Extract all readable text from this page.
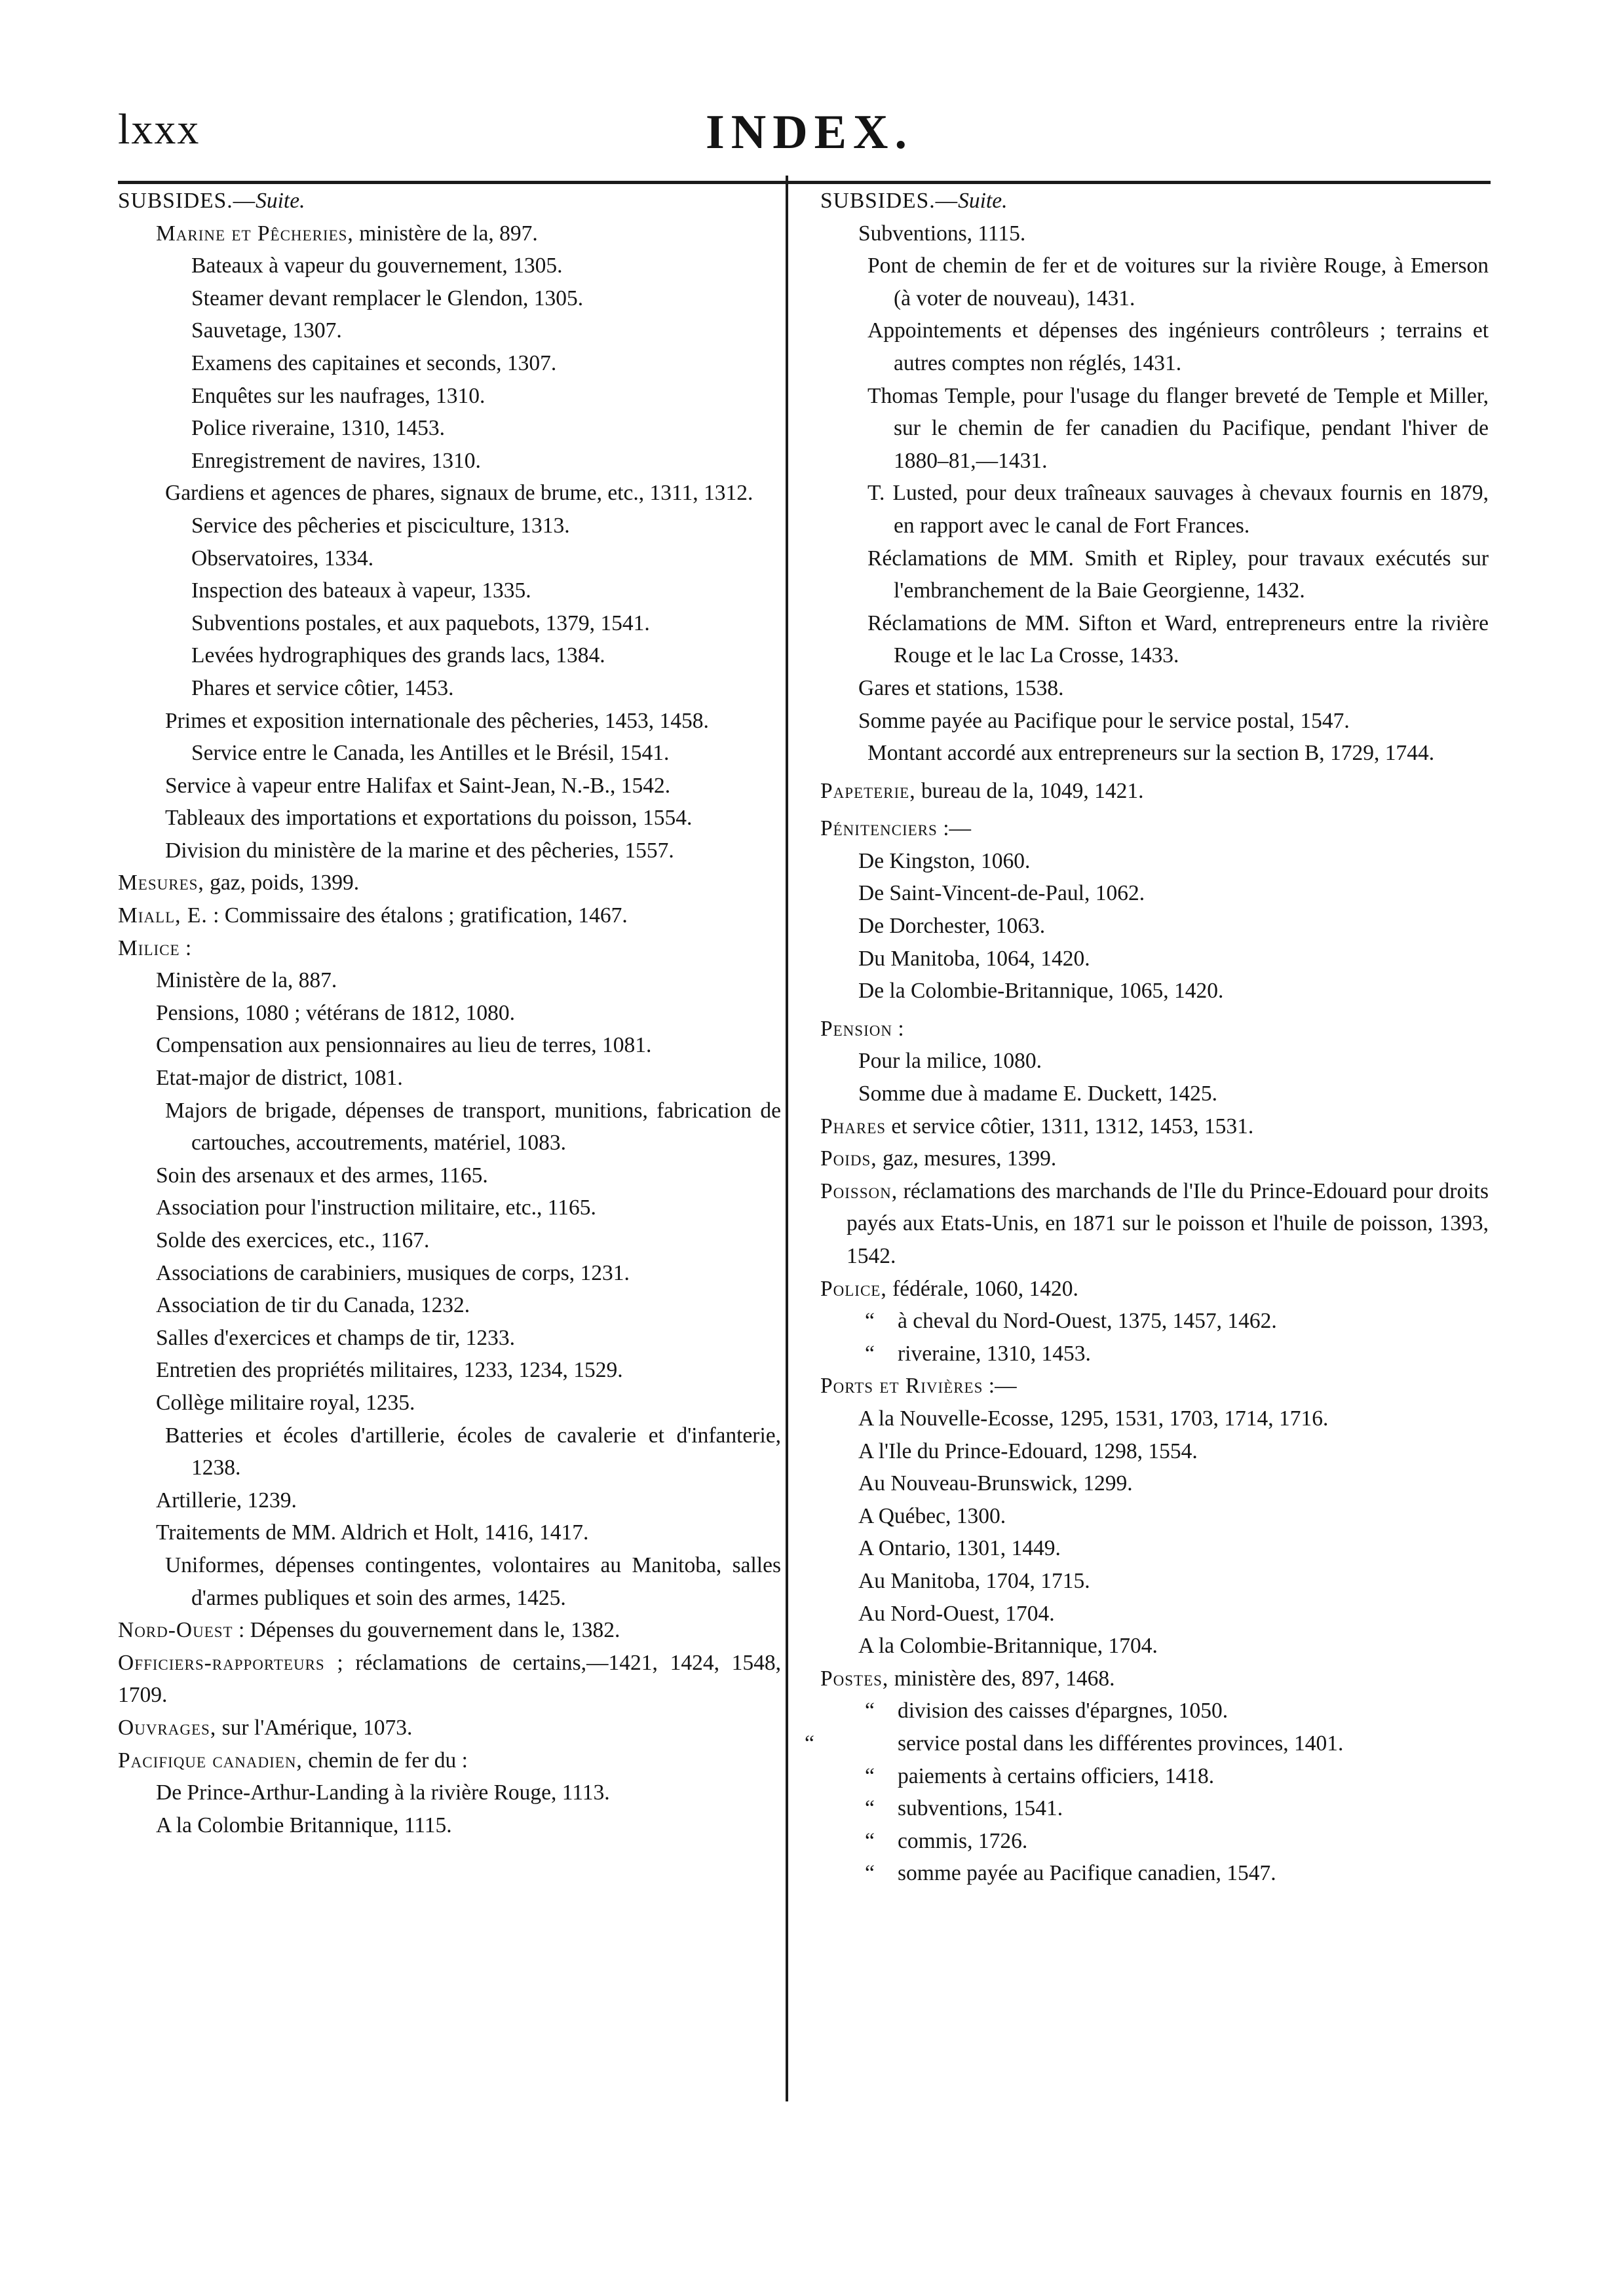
lxxx	INDEX.

SUBSIDES.—Suite.

Marine et Pêcheries, ministère de la, 897.

Bateaux à vapeur du gouvernement, 1305.

Steamer devant remplacer le Glendon, 1305.

Sauvetage, 1307.

Examens des capitaines et seconds, 1307.

Enquêtes sur les naufrages, 1310.

Police riveraine, 1310, 1453.

Enregistrement de navires, 1310.

Gardiens et agences de phares, signaux de brume, etc., 1311, 1312.

Service des pêcheries et pisciculture, 1313.

Observatoires, 1334.

Inspection des bateaux à vapeur, 1335.

Subventions postales, et aux paquebots, 1379, 1541.

Levées hydrographiques des grands lacs, 1384.

Phares et service côtier, 1453.

Primes et exposition internationale des pêcheries, 1453, 1458.

Service entre le Canada, les Antilles et le Brésil, 1541.

Service à vapeur entre Halifax et Saint-Jean, N.-B., 1542.

Tableaux des importations et exportations du poisson, 1554.

Division du ministère de la marine et des pêcheries, 1557.

Mesures, gaz, poids, 1399.

Miall, E. : Commissaire des étalons ; gratification, 1467.

Milice :

Ministère de la, 887.

Pensions, 1080 ; vétérans de 1812, 1080.

Compensation aux pensionnaires au lieu de terres, 1081.

Etat-major de district, 1081.

Majors de brigade, dépenses de transport, munitions, fabrication de cartouches, accoutrements, matériel, 1083.

Soin des arsenaux et des armes, 1165.

Association pour l'instruction militaire, etc., 1165.

Solde des exercices, etc., 1167.

Associations de carabiniers, musiques de corps, 1231.

Association de tir du Canada, 1232.

Salles d'exercices et champs de tir, 1233.

Entretien des propriétés militaires, 1233, 1234, 1529.

Collège militaire royal, 1235.

Batteries et écoles d'artillerie, écoles de cavalerie et d'infanterie, 1238.

Artillerie, 1239.

Traitements de MM. Aldrich et Holt, 1416, 1417.

Uniformes, dépenses contingentes, volontaires au Manitoba, salles d'armes publiques et soin des armes, 1425.

Nord-Ouest : Dépenses du gouvernement dans le, 1382.

Officiers-rapporteurs ; réclamations de certains,—1421, 1424, 1548, 1709.

Ouvrages, sur l'Amérique, 1073.

Pacifique canadien, chemin de fer du :

De Prince-Arthur-Landing à la rivière Rouge, 1113.

A la Colombie Britannique, 1115.

SUBSIDES.—Suite.

Subventions, 1115.

Pont de chemin de fer et de voitures sur la rivière Rouge, à Emerson (à voter de nouveau), 1431.

Appointements et dépenses des ingénieurs contrôleurs ; terrains et autres comptes non réglés, 1431.

Thomas Temple, pour l'usage du flanger breveté de Temple et Miller, sur le chemin de fer canadien du Pacifique, pendant l'hiver de 1880–81,—1431.

T. Lusted, pour deux traîneaux sauvages à chevaux fournis en 1879, en rapport avec le canal de Fort Frances.

Réclamations de MM. Smith et Ripley, pour travaux exécutés sur l'embranchement de la Baie Georgienne, 1432.

Réclamations de MM. Sifton et Ward, entrepreneurs entre la rivière Rouge et le lac La Crosse, 1433.

Gares et stations, 1538.

Somme payée au Pacifique pour le service postal, 1547.

Montant accordé aux entrepreneurs sur la section B, 1729, 1744.

Papeterie, bureau de la, 1049, 1421.

Pénitenciers :—

De Kingston, 1060.

De Saint-Vincent-de-Paul, 1062.

De Dorchester, 1063.

Du Manitoba, 1064, 1420.

De la Colombie-Britannique, 1065, 1420.

Pension :

Pour la milice, 1080.

Somme due à madame E. Duckett, 1425.

Phares et service côtier, 1311, 1312, 1453, 1531.

Poids, gaz, mesures, 1399.

Poisson, réclamations des marchands de l'Ile du Prince-Edouard pour droits payés aux Etats-Unis, en 1871 sur le poisson et l'huile de poisson, 1393, 1542.

Police, fédérale, 1060, 1420.

“ à cheval du Nord-Ouest, 1375, 1457, 1462.

“ riveraine, 1310, 1453.

Ports et Rivières :—

A la Nouvelle-Ecosse, 1295, 1531, 1703, 1714, 1716.

A l'Ile du Prince-Edouard, 1298, 1554.

Au Nouveau-Brunswick, 1299.

A Québec, 1300.

A Ontario, 1301, 1449.

Au Manitoba, 1704, 1715.

Au Nord-Ouest, 1704.

A la Colombie-Britannique, 1704.

Postes, ministère des, 897, 1468.

“ division des caisses d'épargnes, 1050.

“	service postal dans les différentes provinces, 1401.

“ paiements à certains officiers, 1418.

“ subventions, 1541.

“ commis, 1726.

“ somme payée au Pacifique canadien, 1547.
